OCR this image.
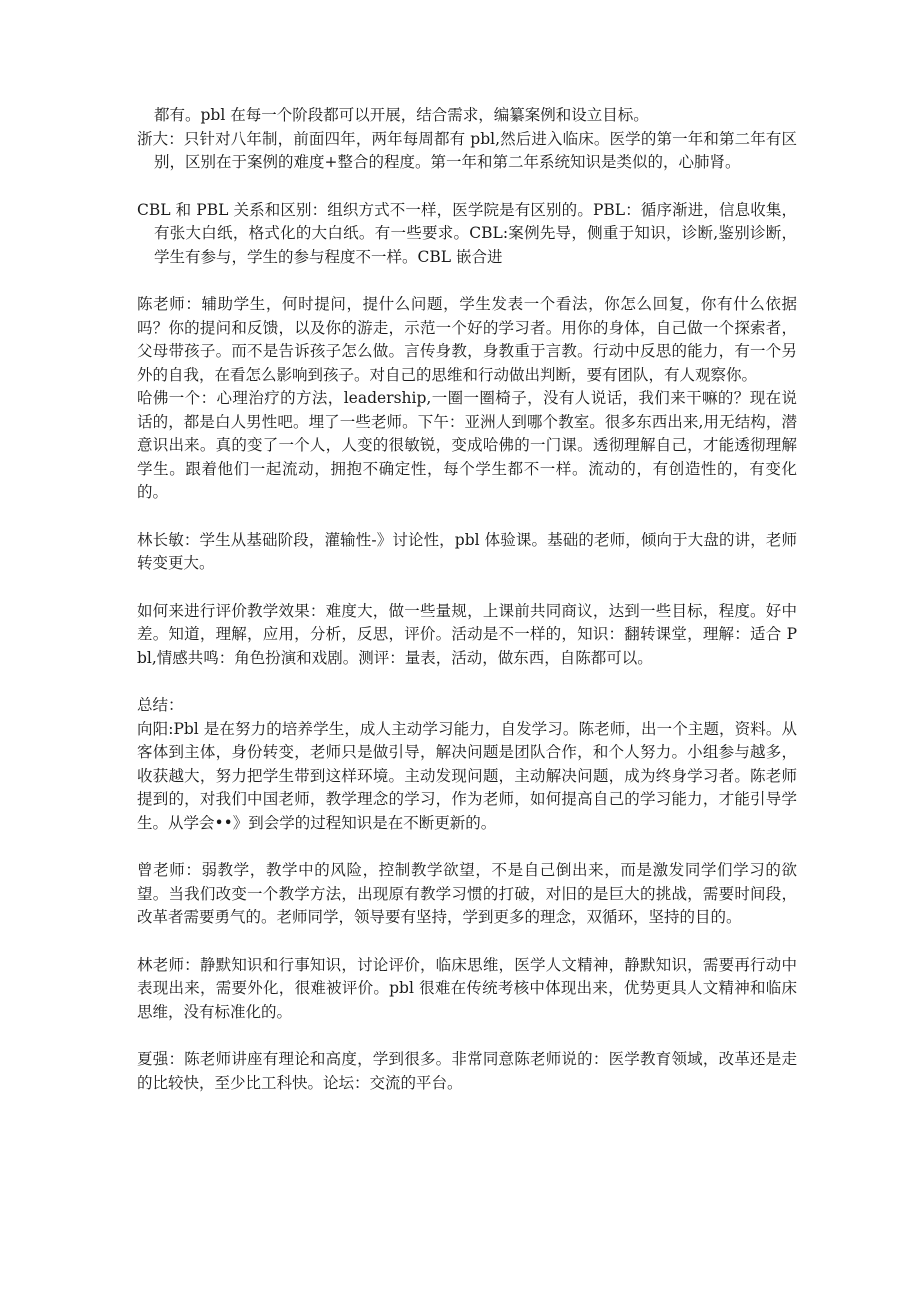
都有。pbl 在每一个阶段都可以开展，结合需求，编纂案例和设立目标。

浙大：只针对八年制，前面四年，两年每周都有 pbl,然后进入临床。医学的第一年和第二年有区别，区别在于案例的难度+整合的程度。第一年和第二年系统知识是类似的，心肺肾。

CBL 和 PBL 关系和区别：组织方式不一样，医学院是有区别的。PBL：循序渐进，信息收集，有张大白纸，格式化的大白纸。有一些要求。CBL:案例先导，侧重于知识，诊断,鉴别诊断，学生有参与，学生的参与程度不一样。CBL 嵌合进

陈老师：辅助学生，何时提问，提什么问题，学生发表一个看法，你怎么回复，你有什么依据吗？你的提问和反馈，以及你的游走，示范一个好的学习者。用你的身体，自己做一个探索者，父母带孩子。而不是告诉孩子怎么做。言传身教，身教重于言教。行动中反思的能力，有一个另外的自我，在看怎么影响到孩子。对自己的思维和行动做出判断，要有团队，有人观察你。

哈佛一个：心理治疗的方法，leadership,一圈一圈椅子，没有人说话，我们来干嘛的？现在说话的，都是白人男性吧。埋了一些老师。下午：亚洲人到哪个教室。很多东西出来,用无结构，潜意识出来。真的变了一个人，人变的很敏锐，变成哈佛的一门课。透彻理解自己，才能透彻理解学生。跟着他们一起流动，拥抱不确定性，每个学生都不一样。流动的，有创造性的，有变化的。

林长敏：学生从基础阶段，灌输性-》讨论性，pbl 体验课。基础的老师，倾向于大盘的讲，老师转变更大。

如何来进行评价教学效果：难度大，做一些量规，上课前共同商议，达到一些目标，程度。好中差。知道，理解，应用，分析，反思，评价。活动是不一样的，知识：翻转课堂，理解：适合 Pbl,情感共鸣：角色扮演和戏剧。测评：量表，活动，做东西，自陈都可以。

总结：

向阳:Pbl 是在努力的培养学生，成人主动学习能力，自发学习。陈老师，出一个主题，资料。从客体到主体，身份转变，老师只是做引导，解决问题是团队合作，和个人努力。小组参与越多，收获越大，努力把学生带到这样环境。主动发现问题，主动解决问题，成为终身学习者。陈老师提到的，对我们中国老师，教学理念的学习，作为老师，如何提高自己的学习能力，才能引导学生。从学会••》到会学的过程知识是在不断更新的。

曾老师：弱教学，教学中的风险，控制教学欲望，不是自己倒出来，而是激发同学们学习的欲望。当我们改变一个教学方法，出现原有教学习惯的打破，对旧的是巨大的挑战，需要时间段，改革者需要勇气的。老师同学，领导要有坚持，学到更多的理念，双循环，坚持的目的。

林老师：静默知识和行事知识，讨论评价，临床思维，医学人文精神，静默知识，需要再行动中表现出来，需要外化，很难被评价。pbl 很难在传统考核中体现出来，优势更具人文精神和临床思维，没有标准化的。

夏强：陈老师讲座有理论和高度，学到很多。非常同意陈老师说的：医学教育领域，改革还是走的比较快，至少比工科快。论坛：交流的平台。
